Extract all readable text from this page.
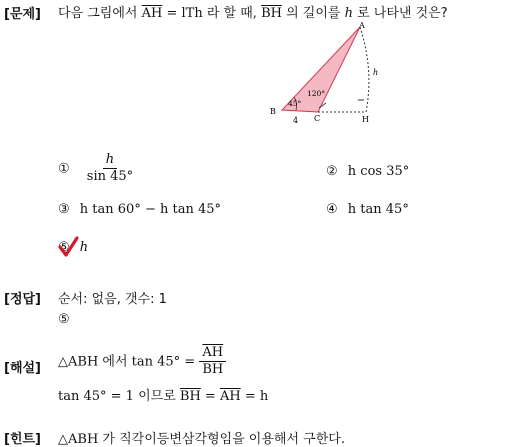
[문제] 다음 그림에서 $\overline{AH}$ = lTh 라 할 때, $\overline{BH}$ 의 길이를 h 로 나타낸 것은?
A
B
C	H
h
45°
120°
4
① $\frac{h}{\sin 45^\circ}$	② h cos 35°
③ h tan 60° − h tan 45°	④ h tan 45°
⑤ h
[정답] 순서: 없음, 갯수: 1
⑤
[해설] △ABH 에서 $\tan 45^\circ = \frac{\overline{AH}}{BH}$
tan 45° = 1 이므로 $\overline{BH} = \overline{AH} = h$
[힌트] △ABH 가 직각이등변삼각형임을 이용해서 구한다.
